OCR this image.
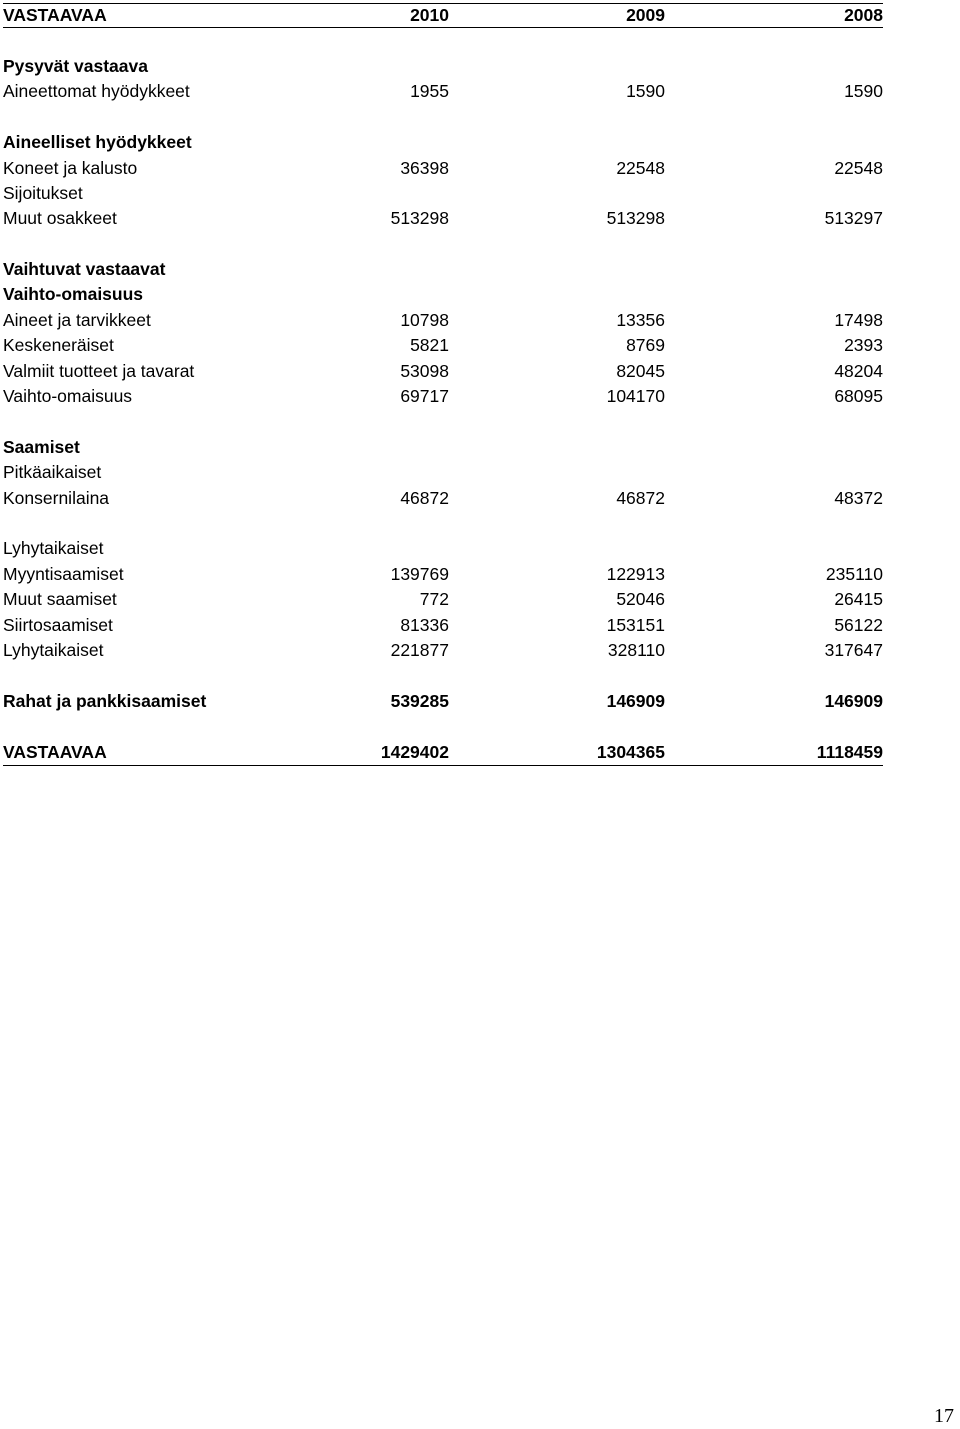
VASTAAVAA	2010	2009	2008
Pysyvät vastaava
Aineettomat hyödykkeet	1955	1590	1590
Aineelliset hyödykkeet
Koneet ja kalusto	36398	22548	22548
Sijoitukset
Muut osakkeet	513298	513298	513297
Vaihtuvat vastaavat
Vaihto-omaisuus
Aineet ja tarvikkeet	10798	13356	17498
Keskeneräiset	5821	8769	2393
Valmiit tuotteet ja tavarat	53098	82045	48204
Vaihto-omaisuus	69717	104170	68095
Saamiset
Pitkäaikaiset
Konsernilaina	46872	46872	48372
Lyhytaikaiset
Myyntisaamiset	139769	122913	235110
Muut saamiset	772	52046	26415
Siirtosaamiset	81336	153151	56122
Lyhytaikaiset	221877	328110	317647
Rahat ja pankkisaamiset	539285	146909	146909
VASTAAVAA	1429402	1304365	1118459
17
